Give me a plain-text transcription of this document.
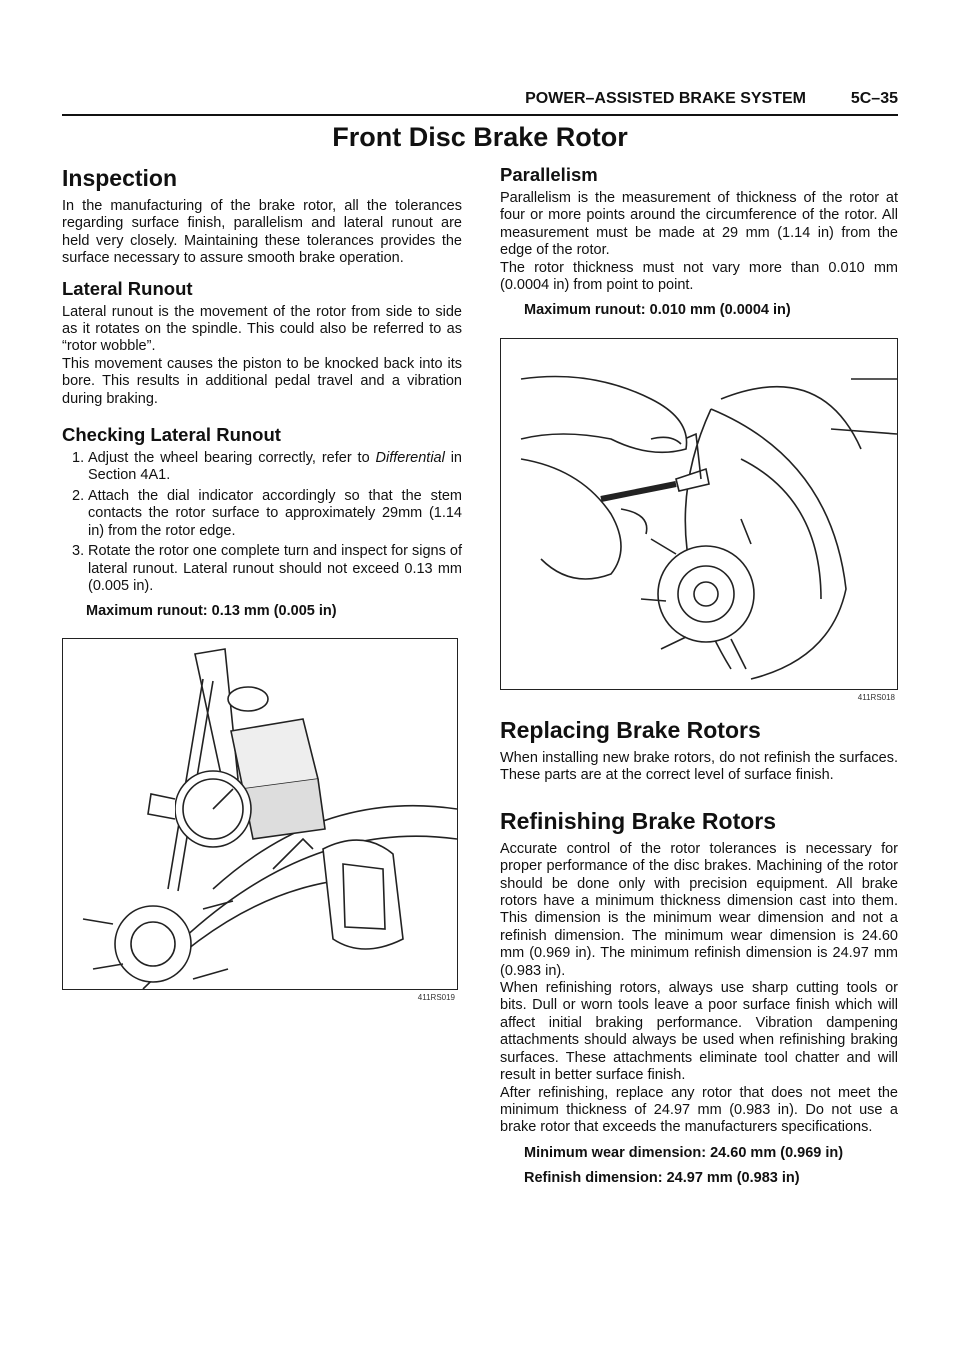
POWER–ASSISTED BRAKE SYSTEM	5C–35
Front Disc Brake Rotor
Inspection

In the manufacturing of the brake rotor, all the tolerances regarding surface finish, parallelism and lateral runout are held very closely. Maintaining these tolerances provides the surface necessary to assure smooth brake operation.

Lateral Runout

Lateral runout is the movement of the rotor from side to side as it rotates on the spindle. This could also be referred to as “rotor wobble”.

This movement causes the piston to be knocked back into its bore. This results in additional pedal travel and a vibration during braking.

Checking Lateral Runout
1. Adjust the wheel bearing correctly, refer to Differential in Section 4A1.
2. Attach the dial indicator accordingly so that the stem contacts the rotor surface to approximately 29mm (1.14 in) from the rotor edge.
3. Rotate the rotor one complete turn and inspect for signs of lateral runout. Lateral runout should not exceed 0.13 mm (0.005 in).
Maximum runout: 0.13 mm (0.005 in)
411RS019
Parallelism

Parallelism is the measurement of thickness of the rotor at four or more points around the circumference of the rotor. All measurement must be made at 29 mm (1.14 in) from the edge of the rotor.

The rotor thickness must not vary more than 0.010 mm (0.0004 in) from point to point.

Maximum runout: 0.010 mm (0.0004 in)
411RS018
Replacing Brake Rotors

When installing new brake rotors, do not refinish the surfaces. These parts are at the correct level of surface finish.

Refinishing Brake Rotors

Accurate control of the rotor tolerances is necessary for proper performance of the disc brakes. Machining of the rotor should be done only with precision equipment. All brake rotors have a minimum thickness dimension cast into them. This dimension is the minimum wear dimension and not a refinish dimension. The minimum wear dimension is 24.60 mm (0.969 in). The minimum refinish dimension is 24.97 mm (0.983 in).

When refinishing rotors, always use sharp cutting tools or bits. Dull or worn tools leave a poor surface finish which will affect initial braking performance. Vibration dampening attachments should always be used when refinishing braking surfaces. These attachments eliminate tool chatter and will result in better surface finish.

After refinishing, replace any rotor that does not meet the minimum thickness of 24.97 mm (0.983 in). Do not use a brake rotor that exceeds the manufacturers specifications.

Minimum wear dimension: 24.60 mm (0.969 in)
Refinish dimension: 24.97 mm (0.983 in)
